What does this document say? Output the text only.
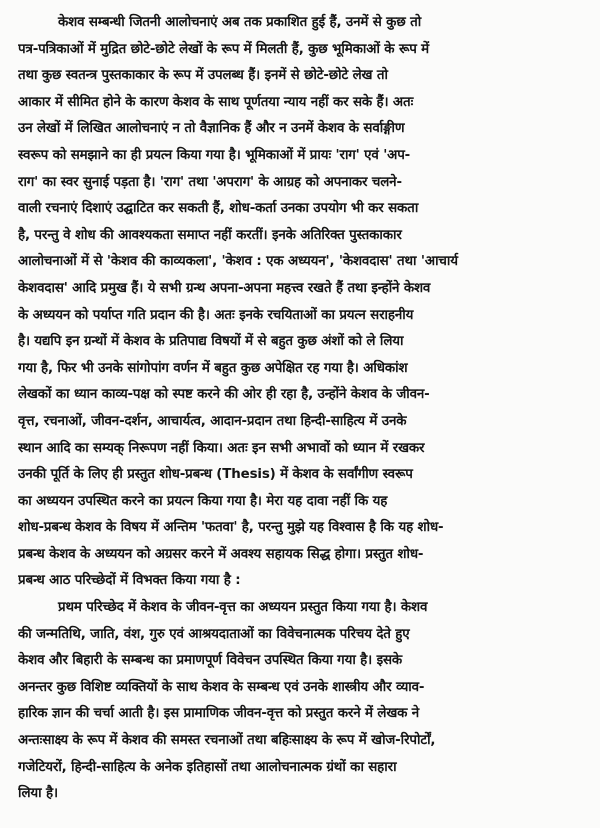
केशव सम्बन्धी जितनी आलोचनाएं अब तक प्रकाशित हुई हैं, उनमें से कुछ तो
पत्र-पत्रिकाओं में मुद्रित छोटे-छोटे लेखों के रूप में मिलती हैं, कुछ भूमिकाओं के रूप में
तथा कुछ स्वतन्त्र पुस्तकाकार के रूप में उपलब्ध हैं। इनमें से छोटे-छोटे लेख तो
आकार में सीमित होने के कारण केशव के साथ पूर्णतया न्याय नहीं कर सके हैं। अतः
उन लेखों में लिखित आलोचनाएं न तो वैज्ञानिक हैं और न उनमें केशव के सर्वाङ्गीण
स्वरूप को समझाने का ही प्रयत्न किया गया है। भूमिकाओं में प्रायः 'राग' एवं 'अप-
राग' का स्वर सुनाई पड़ता है। 'राग' तथा 'अपराग' के आग्रह को अपनाकर चलने-
वाली रचनाएं दिशाएं उद्घाटित कर सकती हैं, शोध-कर्ता उनका उपयोग भी कर सकता
है, परन्तु वे शोध की आवश्यकता समाप्त नहीं करतीं। इनके अतिरिक्त पुस्तकाकार
आलोचनाओं में से 'केशव की काव्यकला', 'केशव : एक अध्ययन', 'केशवदास' तथा 'आचार्य
केशवदास' आदि प्रमुख हैं। ये सभी ग्रन्थ अपना-अपना महत्त्व रखते हैं तथा इन्होंने केशव
के अध्ययन को पर्याप्त गति प्रदान की है। अतः इनके रचयिताओं का प्रयत्न सराहनीय
है। यद्यपि इन ग्रन्थों में केशव के प्रतिपाद्य विषयों में से बहुत कुछ अंशों को ले लिया
गया है, फिर भी उनके सांगोपांग वर्णन में बहुत कुछ अपेक्षित रह गया है। अधिकांश
लेखकों का ध्यान काव्य-पक्ष को स्पष्ट करने की ओर ही रहा है, उन्होंने केशव के जीवन-
वृत्त, रचनाओं, जीवन-दर्शन, आचार्यत्व, आदान-प्रदान तथा हिन्दी-साहित्य में उनके
स्थान आदि का सम्यक् निरूपण नहीं किया। अतः इन सभी अभावों को ध्यान में रखकर
उनकी पूर्ति के लिए ही प्रस्तुत शोध-प्रबन्ध (Thesis) में केशव के सर्वांगीण स्वरूप
का अध्ययन उपस्थित करने का प्रयत्न किया गया है। मेरा यह दावा नहीं कि यह
शोध-प्रबन्ध केशव के विषय में अन्तिम 'फतवा' है, परन्तु मुझे यह विश्वास है कि यह शोध-
प्रबन्ध केशव के अध्ययन को अग्रसर करने में अवश्य सहायक सिद्ध होगा। प्रस्तुत शोध-
प्रबन्ध आठ परिच्छेदों में विभक्त किया गया है :
प्रथम परिच्छेद में केशव के जीवन-वृत्त का अध्ययन प्रस्तुत किया गया है। केशव
की जन्मतिथि, जाति, वंश, गुरु एवं आश्रयदाताओं का विवेचनात्मक परिचय देते हुए
केशव और बिहारी के सम्बन्ध का प्रमाणपूर्ण विवेचन उपस्थित किया गया है। इसके
अनन्तर कुछ विशिष्ट व्यक्तियों के साथ केशव के सम्बन्ध एवं उनके शास्त्रीय और व्याव-
हारिक ज्ञान की चर्चा आती है। इस प्रामाणिक जीवन-वृत्त को प्रस्तुत करने में लेखक ने
अन्तःसाक्ष्य के रूप में केशव की समस्त रचनाओं तथा बहिःसाक्ष्य के रूप में खोज-रिपोर्टों,
गजेटियरों, हिन्दी-साहित्य के अनेक इतिहासों तथा आलोचनात्मक ग्रंथों का सहारा
लिया है।
